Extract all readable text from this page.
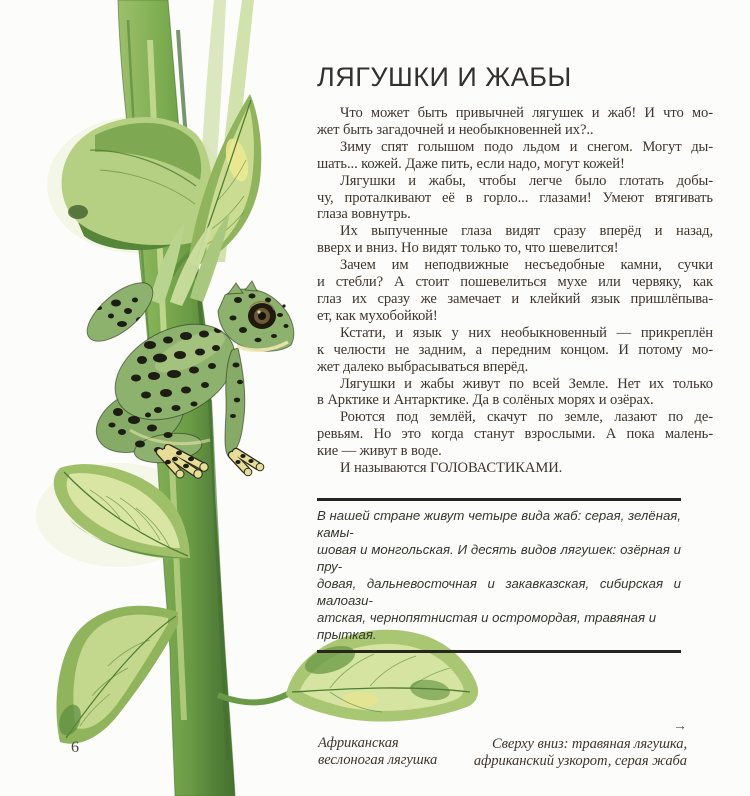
ЛЯГУШКИ И ЖАБЫ
Что может быть привычней лягушек и жаб! И что мо-
жет быть загадочней и необыкновенней их?..
Зиму спят голышом подо льдом и снегом. Могут ды-
шать... кожей. Даже пить, если надо, могут кожей!
Лягушки и жабы, чтобы легче было глотать добы-
чу, проталкивают её в горло... глазами! Умеют втягивать
глаза вовнутрь.
Их выпученные глаза видят сразу вперёд и назад,
вверх и вниз. Но видят только то, что шевелится!
Зачем им неподвижные несъедобные камни, сучки
и стебли? А стоит пошевелиться мухе или червяку, как
глаз их сразу же замечает и клейкий язык пришлёпыва-
ет, как мухобойкой!
Кстати, и язык у них необыкновенный — прикреплён
к челюсти не задним, а передним концом. И потому мо-
жет далеко выбрасываться вперёд.
Лягушки и жабы живут по всей Земле. Нет их только
в Арктике и Антарктике. Да в солёных морях и озёрах.
Роются под землёй, скачут по земле, лазают по де-
ревьям. Но это когда станут взрослыми. А пока малень-
кие — живут в воде.
И называются ГОЛОВАСТИКАМИ.
В нашей стране живут четыре вида жаб: серая, зелёная, камы-
шовая и монгольская. И десять видов лягушек: озёрная и пру-
довая, дальневосточная и закавказская, сибирская и малоази-
атская, чернопятнистая и остромордая, травяная и прыткая.
6	Африканская
веслоногая лягушка
→
Сверху вниз: травяная лягушка,
африканский узкорот, серая жаба
